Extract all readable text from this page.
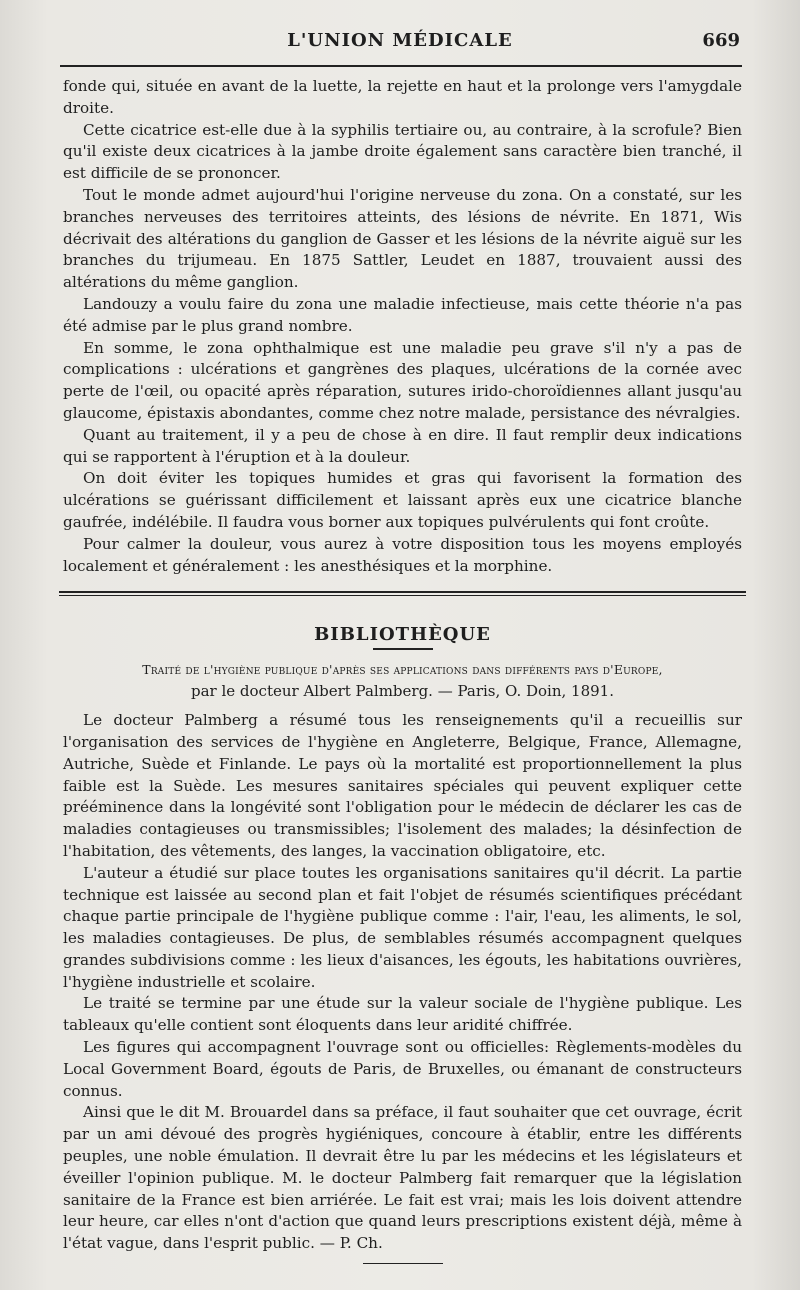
L'UNION MÉDICALE	669

fonde qui, située en avant de la luette, la rejette en haut et la prolonge vers l'amygdale droite.

Cette cicatrice est-elle due à la syphilis tertiaire ou, au contraire, à la scrofule? Bien qu'il existe deux cicatrices à la jambe droite également sans caractère bien tranché, il est difficile de se prononcer.

Tout le monde admet aujourd'hui l'origine nerveuse du zona. On a constaté, sur les branches nerveuses des territoires atteints, des lésions de névrite. En 1871, Wis décrivait des altérations du ganglion de Gasser et les lésions de la névrite aiguë sur les branches du trijumeau. En 1875 Sattler, Leudet en 1887, trouvaient aussi des altérations du même ganglion.

Landouzy a voulu faire du zona une maladie infectieuse, mais cette théorie n'a pas été admise par le plus grand nombre.

En somme, le zona ophthalmique est une maladie peu grave s'il n'y a pas de complications : ulcérations et gangrènes des plaques, ulcérations de la cornée avec perte de l'œil, ou opacité après réparation, sutures irido-choroïdiennes allant jusqu'au glaucome, épistaxis abondantes, comme chez notre malade, persistance des névralgies.

Quant au traitement, il y a peu de chose à en dire. Il faut remplir deux indications qui se rapportent à l'éruption et à la douleur.

On doit éviter les topiques humides et gras qui favorisent la formation des ulcérations se guérissant difficilement et laissant après eux une cicatrice blanche gaufrée, indélébile. Il faudra vous borner aux topiques pulvérulents qui font croûte.

Pour calmer la douleur, vous aurez à votre disposition tous les moyens employés localement et généralement : les anesthésiques et la morphine.

BIBLIOTHÈQUE
Traité de l'hygiène publique d'après ses applications dans différents pays d'Europe,
par le docteur Albert Palmberg. — Paris, O. Doin, 1891.

Le docteur Palmberg a résumé tous les renseignements qu'il a recueillis sur l'organisation des services de l'hygiène en Angleterre, Belgique, France, Allemagne, Autriche, Suède et Finlande. Le pays où la mortalité est proportionnellement la plus faible est la Suède. Les mesures sanitaires spéciales qui peuvent expliquer cette prééminence dans la longévité sont l'obligation pour le médecin de déclarer les cas de maladies contagieuses ou transmissibles; l'isolement des malades; la désinfection de l'habitation, des vêtements, des langes, la vaccination obligatoire, etc.

L'auteur a étudié sur place toutes les organisations sanitaires qu'il décrit. La partie technique est laissée au second plan et fait l'objet de résumés scientifiques précédant chaque partie principale de l'hygiène publique comme : l'air, l'eau, les aliments, le sol, les maladies contagieuses. De plus, de semblables résumés accompagnent quelques grandes subdivisions comme : les lieux d'aisances, les égouts, les habitations ouvrières, l'hygiène industrielle et scolaire.

Le traité se termine par une étude sur la valeur sociale de l'hygiène publique. Les tableaux qu'elle contient sont éloquents dans leur aridité chiffrée.

Les figures qui accompagnent l'ouvrage sont ou officielles: Règlements-modèles du Local Government Board, égouts de Paris, de Bruxelles, ou émanant de constructeurs connus.

Ainsi que le dit M. Brouardel dans sa préface, il faut souhaiter que cet ouvrage, écrit par un ami dévoué des progrès hygiéniques, concoure à établir, entre les différents peuples, une noble émulation. Il devrait être lu par les médecins et les législateurs et éveiller l'opinion publique. M. le docteur Palmberg fait remarquer que la législation sanitaire de la France est bien arriérée. Le fait est vrai; mais les lois doivent attendre leur heure, car elles n'ont d'action que quand leurs prescriptions existent déjà, même à l'état vague, dans l'esprit public. — P. Ch.
